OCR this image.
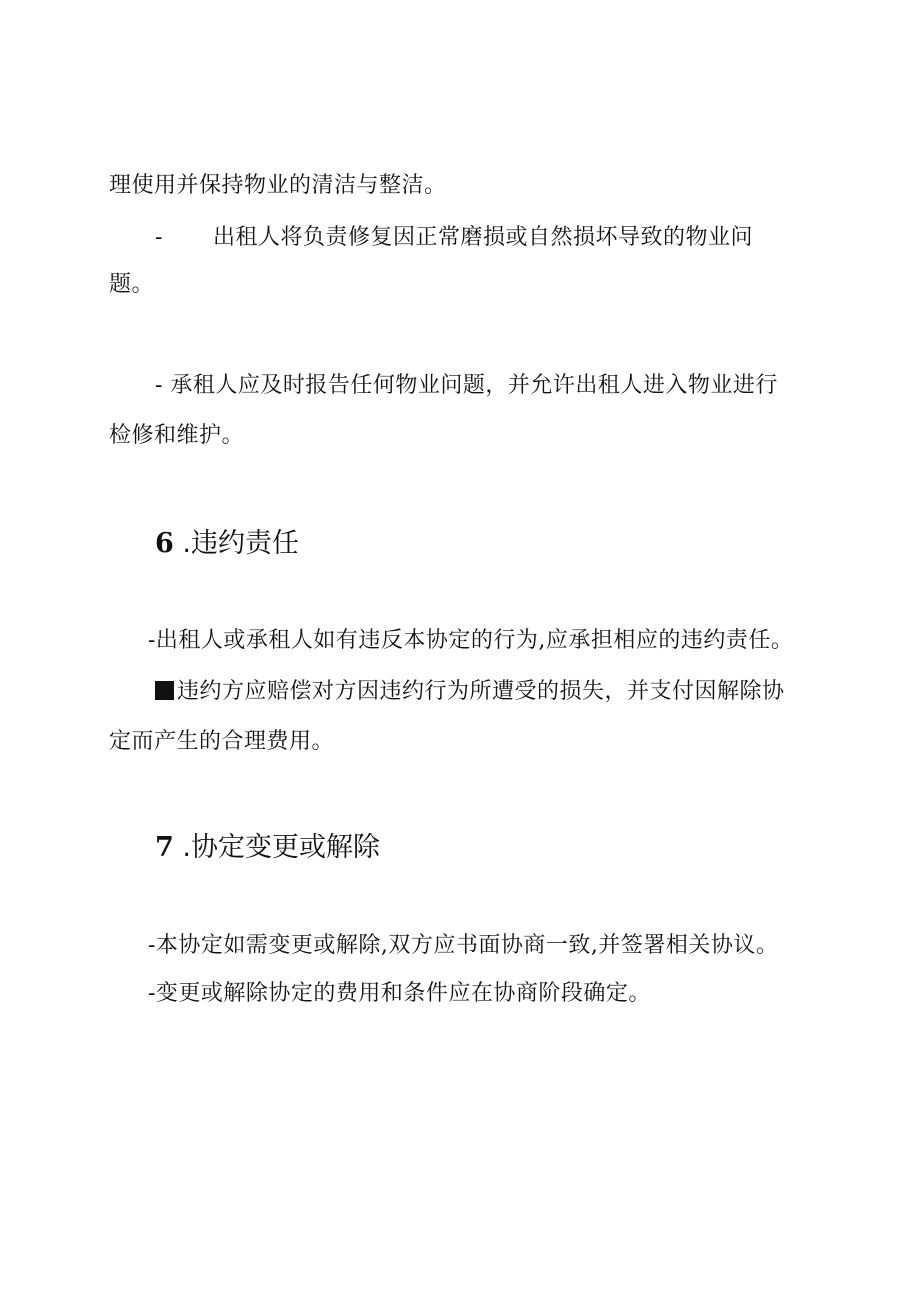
理使用并保持物业的清洁与整洁。
- 出租人将负责修复因正常磨损或自然损坏导致的物业问
题。
- 承租人应及时报告任何物业问题，并允许出租人进入物业进行
检修和维护。
6 .违约责任
-出租人或承租人如有违反本协定的行为,应承担相应的违约责任。
违约方应赔偿对方因违约行为所遭受的损失，并支付因解除协
定而产生的合理费用。
7 .协定变更或解除
-本协定如需变更或解除,双方应书面协商一致,并签署相关协议。
-变更或解除协定的费用和条件应在协商阶段确定。
